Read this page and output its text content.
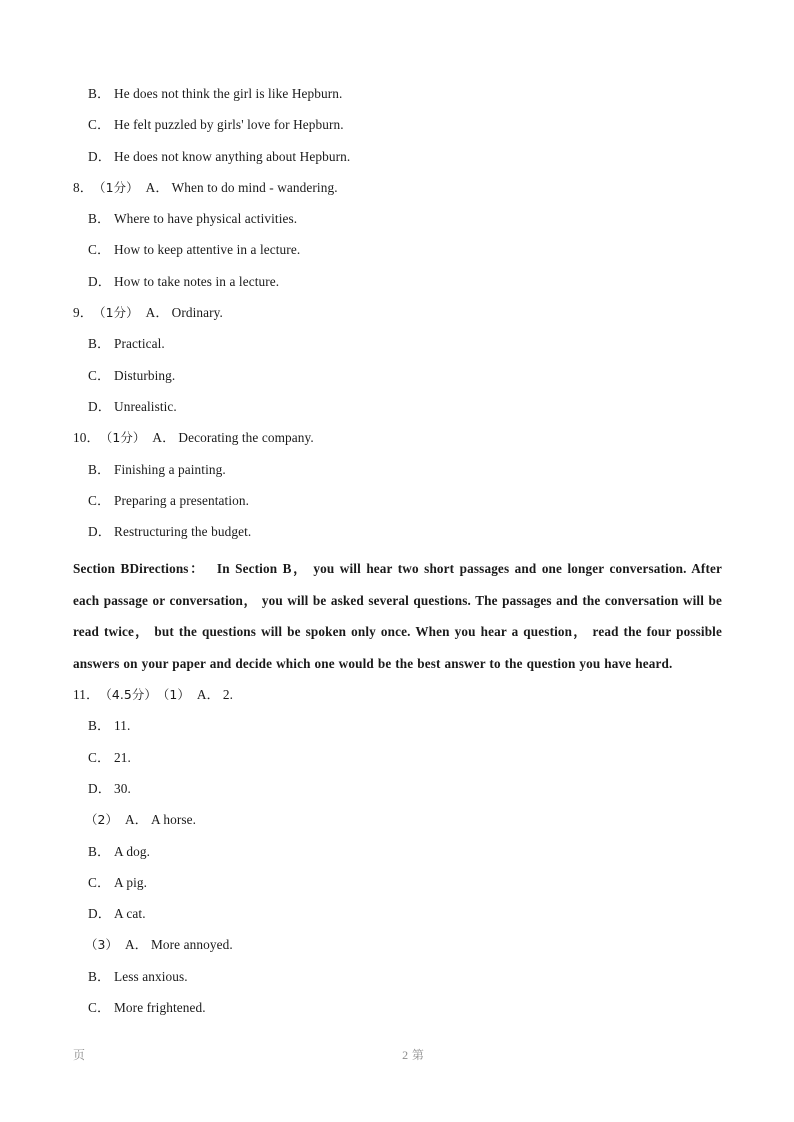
B． He does not think the girl is like Hepburn.
C． He felt puzzled by girls' love for Hepburn.
D． He does not know anything about Hepburn.
8．（1分） A． When to do mind - wandering.
B． Where to have physical activities.
C． How to keep attentive in a lecture.
D． How to take notes in a lecture.
9．（1分） A． Ordinary.
B． Practical.
C． Disturbing.
D． Unrealistic.
10．（1分） A． Decorating the company.
B． Finishing a painting.
C． Preparing a presentation.
D． Restructuring the budget.
Section BDirections： In Section B， you will hear two short passages and one longer conversation. After each passage or conversation， you will be asked several questions. The passages and the conversation will be read twice， but the questions will be spoken only once. When you hear a question， read the four possible answers on your paper and decide which one would be the best answer to the question you have heard.
11．（4.5分）（1） A． 2.
B． 11.
C． 21.
D． 30.
（2） A． A horse.
B． A dog.
C． A pig.
D． A cat.
（3） A． More annoyed.
B． Less anxious.
C． More frightened.
页	2 第
